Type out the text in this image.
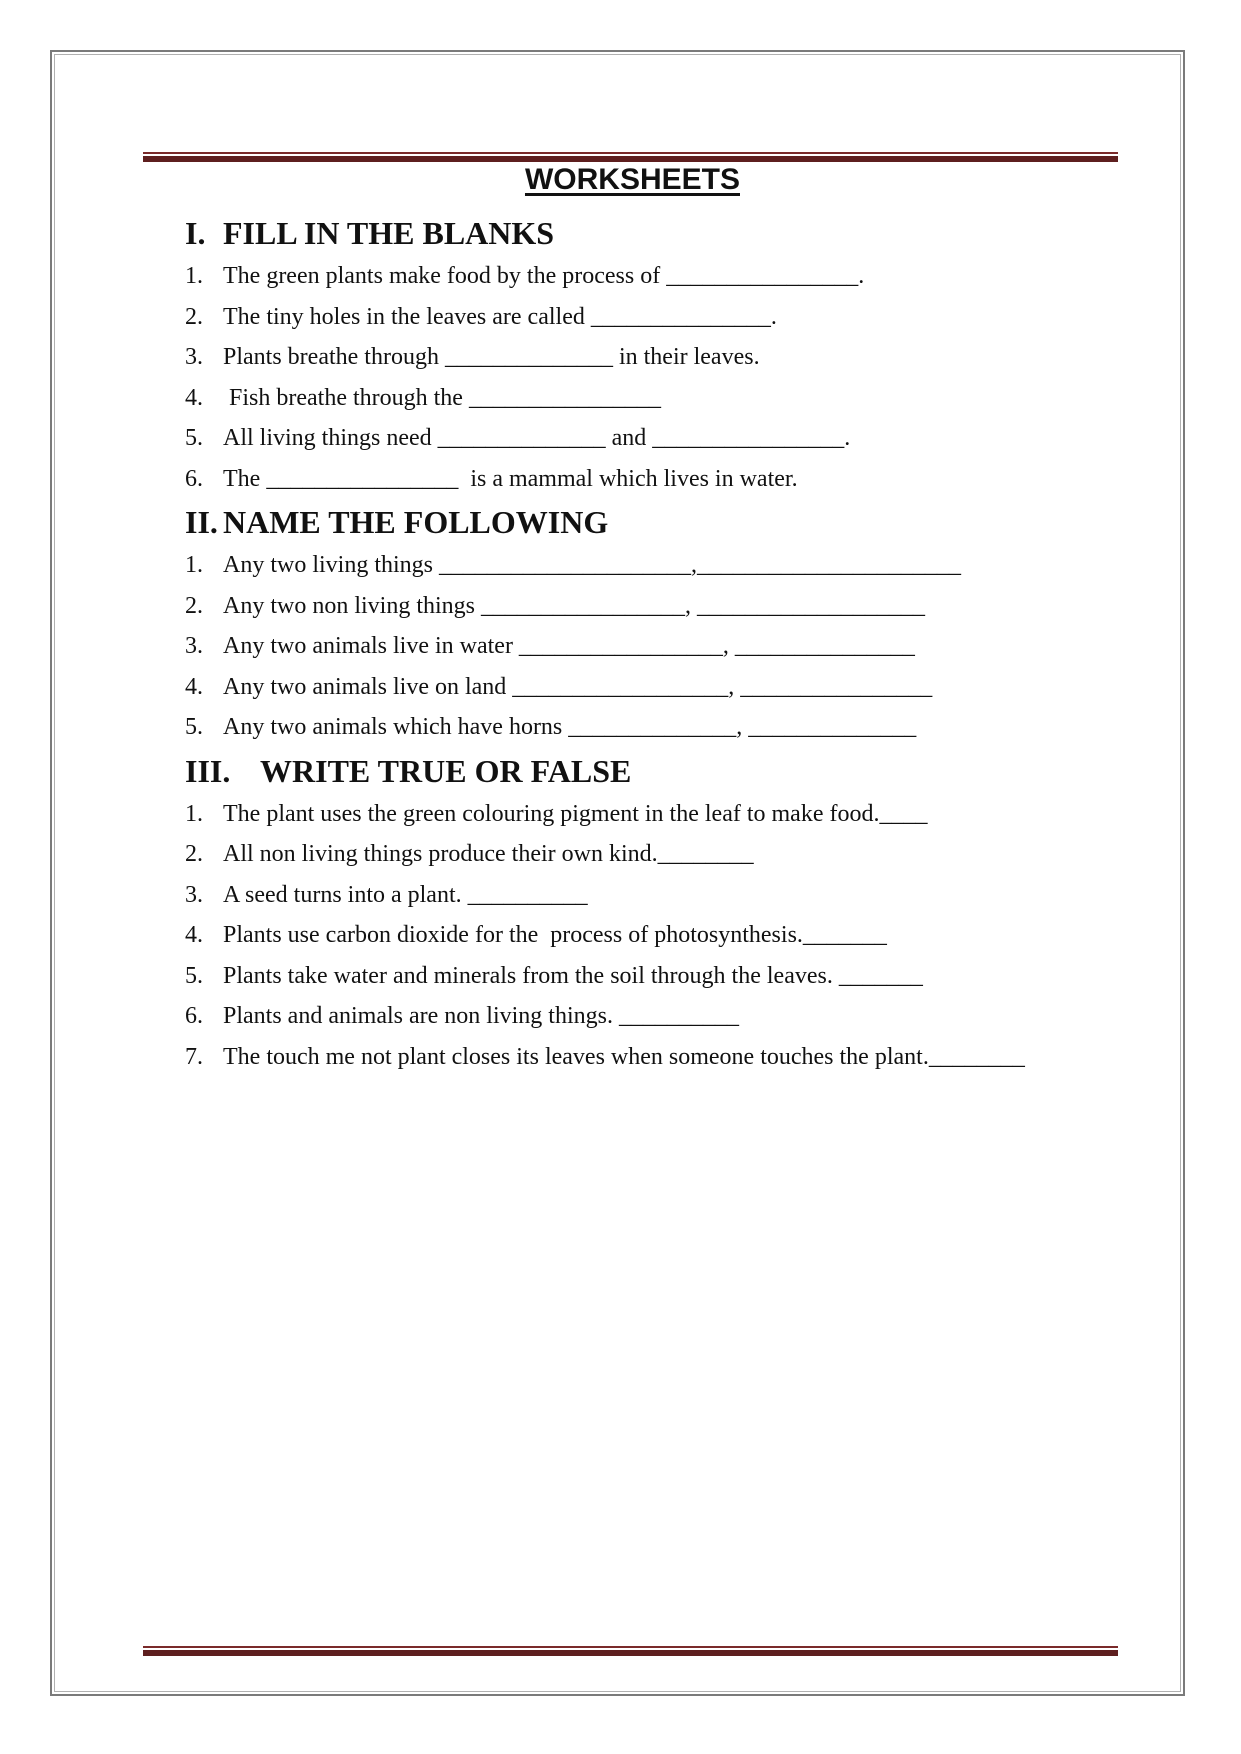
WORKSHEETS
I. FILL IN THE BLANKS
1. The green plants make food by the process of ________________.
2. The tiny holes in the leaves are called _______________.
3. Plants breathe through ______________ in their leaves.
4. Fish breathe through the ________________
5. All living things need ______________ and ________________.
6. The ________________  is a mammal which lives in water.
II. NAME THE FOLLOWING
1. Any two living things _____________________,______________________
2. Any two non living things _________________, ___________________
3. Any two animals live in water _________________, _______________
4. Any two animals live on land __________________, ________________
5. Any two animals which have horns ______________, ______________
III. WRITE TRUE OR FALSE
1. The plant uses the green colouring pigment in the leaf to make food.____
2. All non living things produce their own kind.________
3. A seed turns into a plant. __________
4. Plants use carbon dioxide for the  process of photosynthesis._______
5. Plants take water and minerals from the soil through the leaves. _______
6. Plants and animals are non living things. __________
7. The touch me not plant closes its leaves when someone touches the plant.________
